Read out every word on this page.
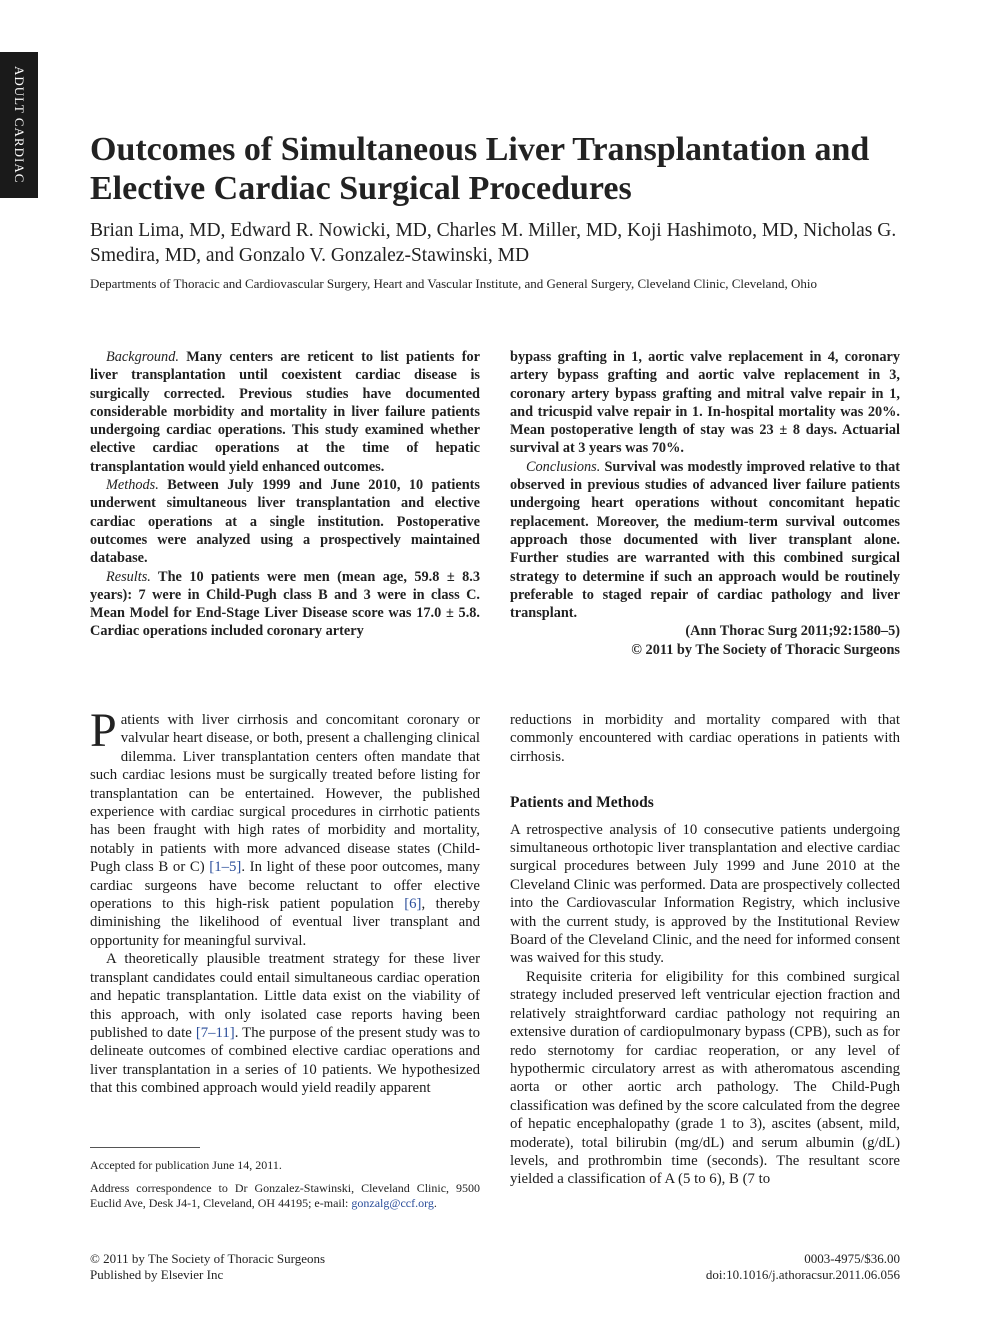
ADULT CARDIAC Outcomes of Simultaneous Liver Transplantation and Elective Cardiac Surgical Procedures
Brian Lima, MD, Edward R. Nowicki, MD, Charles M. Miller, MD, Koji Hashimoto, MD, Nicholas G. Smedira, MD, and Gonzalo V. Gonzalez-Stawinski, MD
Departments of Thoracic and Cardiovascular Surgery, Heart and Vascular Institute, and General Surgery, Cleveland Clinic, Cleveland, Ohio

Background. Many centers are reticent to list patients for liver transplantation until coexistent cardiac disease is surgically corrected. Previous studies have documented considerable morbidity and mortality in liver failure patients undergoing cardiac operations. This study examined whether elective cardiac operations at the time of hepatic transplantation would yield enhanced outcomes.

Methods. Between July 1999 and June 2010, 10 patients underwent simultaneous liver transplantation and elective cardiac operations at a single institution. Postoperative outcomes were analyzed using a prospectively maintained database.

Results. The 10 patients were men (mean age, 59.8 ± 8.3 years): 7 were in Child-Pugh class B and 3 were in class C. Mean Model for End-Stage Liver Disease score was 17.0 ± 5.8. Cardiac operations included coronary artery

bypass grafting in 1, aortic valve replacement in 4, coronary artery bypass grafting and aortic valve replacement in 3, coronary artery bypass grafting and mitral valve repair in 1, and tricuspid valve repair in 1. In-hospital mortality was 20%. Mean postoperative length of stay was 23 ± 8 days. Actuarial survival at 3 years was 70%.

Conclusions. Survival was modestly improved relative to that observed in previous studies of advanced liver failure patients undergoing heart operations without concomitant hepatic replacement. Moreover, the medium-term survival outcomes approach those documented with liver transplant alone. Further studies are warranted with this combined surgical strategy to determine if such an approach would be routinely preferable to staged repair of cardiac pathology and liver transplant.

(Ann Thorac Surg 2011;92:1580–5)

© 2011 by The Society of Thoracic Surgeons

Patients with liver cirrhosis and concomitant coronary or valvular heart disease, or both, present a challenging clinical dilemma. Liver transplantation centers often mandate that such cardiac lesions must be surgically treated before listing for transplantation can be entertained. However, the published experience with cardiac surgical procedures in cirrhotic patients has been fraught with high rates of morbidity and mortality, notably in patients with more advanced disease states (Child-Pugh class B or C) [1–5]. In light of these poor outcomes, many cardiac surgeons have become reluctant to offer elective operations to this high-risk patient population [6], thereby diminishing the likelihood of eventual liver transplant and opportunity for meaningful survival.

A theoretically plausible treatment strategy for these liver transplant candidates could entail simultaneous cardiac operation and hepatic transplantation. Little data exist on the viability of this approach, with only isolated case reports having been published to date [7–11]. The purpose of the present study was to delineate outcomes of combined elective cardiac operations and liver transplantation in a series of 10 patients. We hypothesized that this combined approach would yield readily apparent

reductions in morbidity and mortality compared with that commonly encountered with cardiac operations in patients with cirrhosis.

Patients and Methods

A retrospective analysis of 10 consecutive patients undergoing simultaneous orthotopic liver transplantation and elective cardiac surgical procedures between July 1999 and June 2010 at the Cleveland Clinic was performed. Data are prospectively collected into the Cardiovascular Information Registry, which inclusive with the current study, is approved by the Institutional Review Board of the Cleveland Clinic, and the need for informed consent was waived for this study.

Requisite criteria for eligibility for this combined surgical strategy included preserved left ventricular ejection fraction and relatively straightforward cardiac pathology not requiring an extensive duration of cardiopulmonary bypass (CPB), such as for redo sternotomy for cardiac reoperation, or any level of hypothermic circulatory arrest as with atheromatous ascending aorta or other aortic arch pathology. The Child-Pugh classification was defined by the score calculated from the degree of hepatic encephalopathy (grade 1 to 3), ascites (absent, mild, moderate), total bilirubin (mg/dL) and serum albumin (g/dL) levels, and prothrombin time (seconds). The resultant score yielded a classification of A (5 to 6), B (7 to

Accepted for publication June 14, 2011.
Address correspondence to Dr Gonzalez-Stawinski, Cleveland Clinic, 9500 Euclid Ave, Desk J4-1, Cleveland, OH 44195; e-mail: gonzalg@ccf.org.
© 2011 by The Society of Thoracic Surgeons
Published by Elsevier Inc
0003-4975/$36.00
doi:10.1016/j.athoracsur.2011.06.056
